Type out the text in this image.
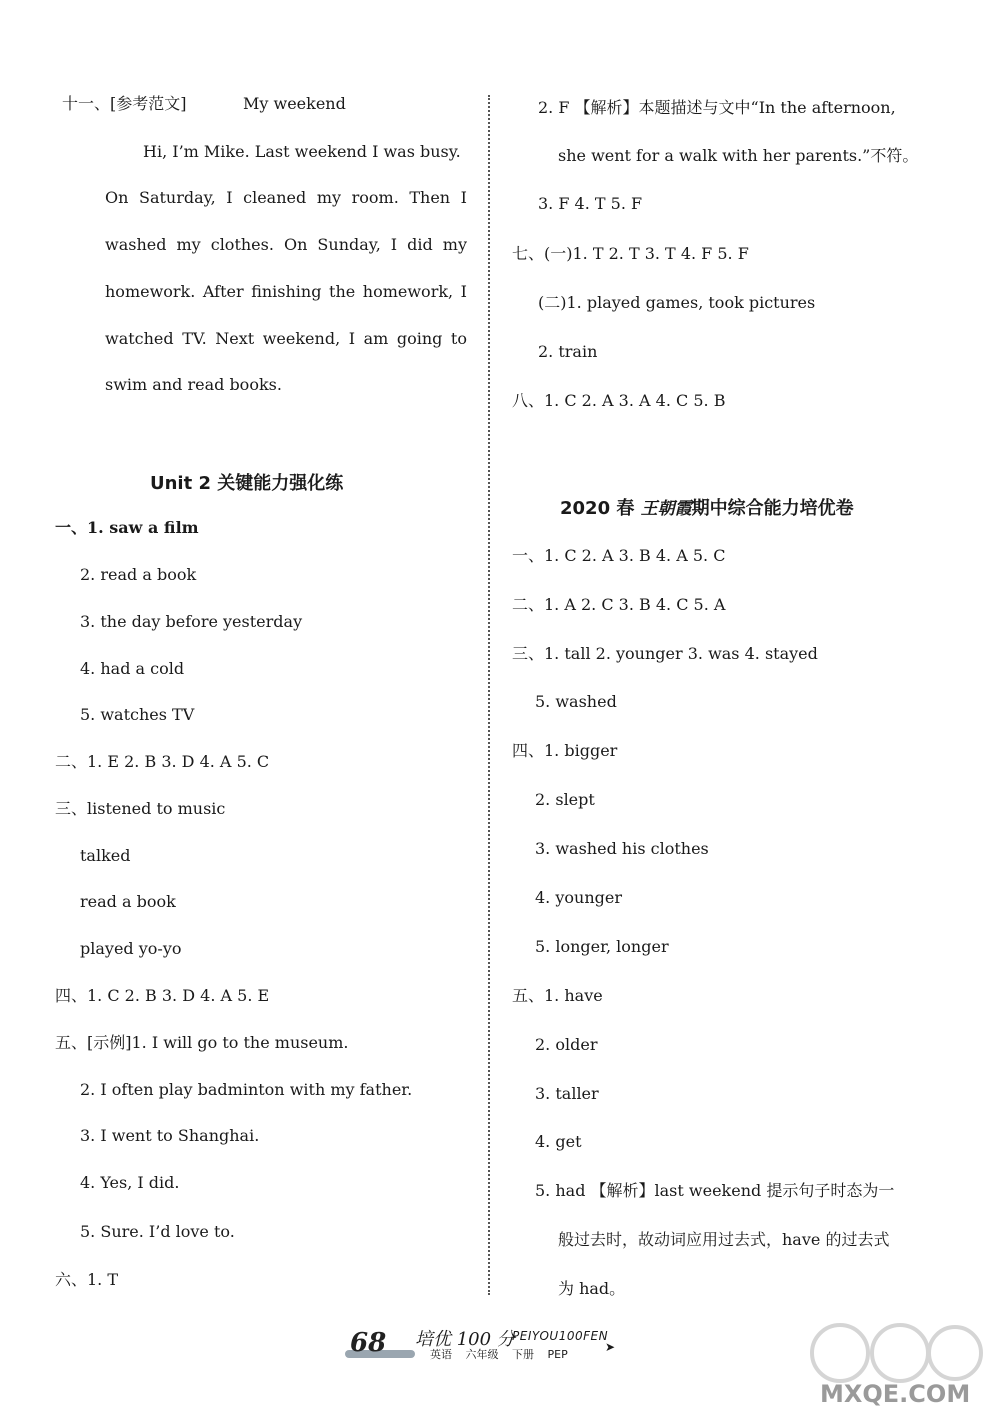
十一、[参考范文]	My weekend
Hi, I’m Mike. Last weekend I was busy.
On Saturday, I cleaned my room. Then I
washed my clothes. On Sunday, I did my
homework. After finishing the homework, I
watched TV. Next weekend, I am going to
swim and read books.
Unit 2 关键能力强化练
一、1. saw a film
2. read a book
3. the day before yesterday
4. had a cold
5. watches TV
二、1. E 2. B 3. D 4. A 5. C
三、listened to music
talked
read a book
played yo-yo
四、1. C 2. B 3. D 4. A 5. E
五、[示例]1. I will go to the museum.
2. I often play badminton with my father.
3. I went to Shanghai.
4. Yes, I did.
5. Sure. I’d love to.
六、1. T
2. F 【解析】本题描述与文中“In the afternoon,
she went for a walk with her parents.”不符。
3. F 4. T 5. F
七、(一)1. T 2. T 3. T 4. F 5. F
(二)1. played games, took pictures
2. train
八、1. C 2. A 3. A 4. C 5. B
2020 春 王朝霞期中综合能力培优卷
一、1. C 2. A 3. B 4. A 5. C
二、1. A 2. C 3. B 4. C 5. A
三、1. tall 2. younger 3. was 4. stayed
5. washed
四、1. bigger
2. slept
3. washed his clothes
4. younger
5. longer, longer
五、1. have
2. older
3. taller
4. get
5. had 【解析】last weekend 提示句子时态为一
般过去时，故动词应用过去式，have 的过去式
为 had。
68 培优 100 分
PEIYOU100FEN
英语 六年级 下册 PEP
➤
MXQE.COM
